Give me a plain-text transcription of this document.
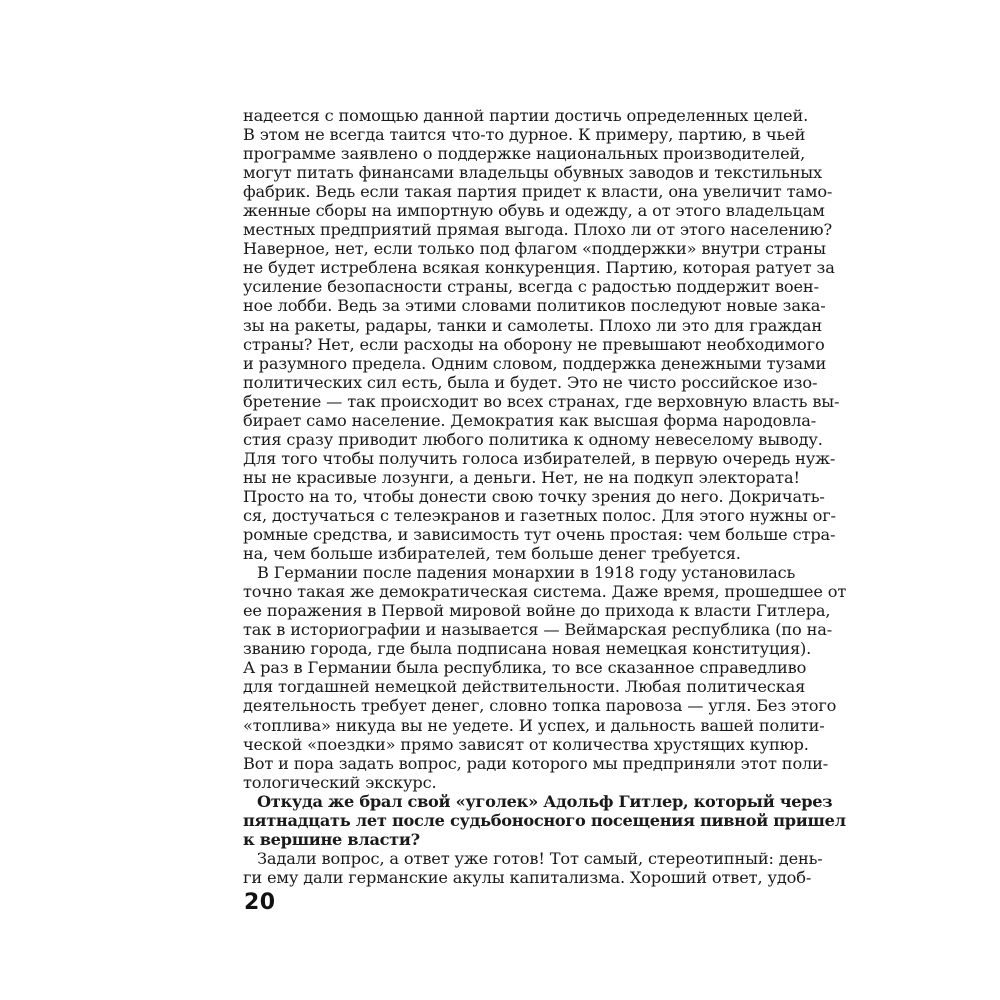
надеется с помощью данной партии достичь определенных целей.
В этом не всегда таится что-то дурное. К примеру, партию, в чьей
программе заявлено о поддержке национальных производителей,
могут питать финансами владельцы обувных заводов и текстильных
фабрик. Ведь если такая партия придет к власти, она увеличит тамо-
женные сборы на импортную обувь и одежду, а от этого владельцам
местных предприятий прямая выгода. Плохо ли от этого населению?
Наверное, нет, если только под флагом «поддержки» внутри страны
не будет истреблена всякая конкуренция. Партию, которая ратует за
усиление безопасности страны, всегда с радостью поддержит воен-
ное лобби. Ведь за этими словами политиков последуют новые зака-
зы на ракеты, радары, танки и самолеты. Плохо ли это для граждан
страны? Нет, если расходы на оборону не превышают необходимого
и разумного предела. Одним словом, поддержка денежными тузами
политических сил есть, была и будет. Это не чисто российское изо-
бретение — так происходит во всех странах, где верховную власть вы-
бирает само население. Демократия как высшая форма народовла-
стия сразу приводит любого политика к одному невеселому выводу.
Для того чтобы получить голоса избирателей, в первую очередь нуж-
ны не красивые лозунги, а деньги. Нет, не на подкуп электората!
Просто на то, чтобы донести свою точку зрения до него. Докричать-
ся, достучаться с телеэкранов и газетных полос. Для этого нужны ог-
ромные средства, и зависимость тут очень простая: чем больше стра-
на, чем больше избирателей, тем больше денег требуется.
В Германии после падения монархии в 1918 году установилась
точно такая же демократическая система. Даже время, прошедшее от
ее поражения в Первой мировой войне до прихода к власти Гитлера,
так в историографии и называется — Веймарская республика (по на-
званию города, где была подписана новая немецкая конституция).
А раз в Германии была республика, то все сказанное справедливо
для тогдашней немецкой действительности. Любая политическая
деятельность требует денег, словно топка паровоза — угля. Без этого
«топлива» никуда вы не уедете. И успех, и дальность вашей полити-
ческой «поездки» прямо зависят от количества хрустящих купюр.
Вот и пора задать вопрос, ради которого мы предприняли этот поли-
тологический экскурс.
Откуда же брал свой «уголек» Адольф Гитлер, который через
пятнадцать лет после судьбоносного посещения пивной пришел
к вершине власти?
Задали вопрос, а ответ уже готов! Тот самый, стереотипный: день-
ги ему дали германские акулы капитализма. Хороший ответ, удоб-
20
